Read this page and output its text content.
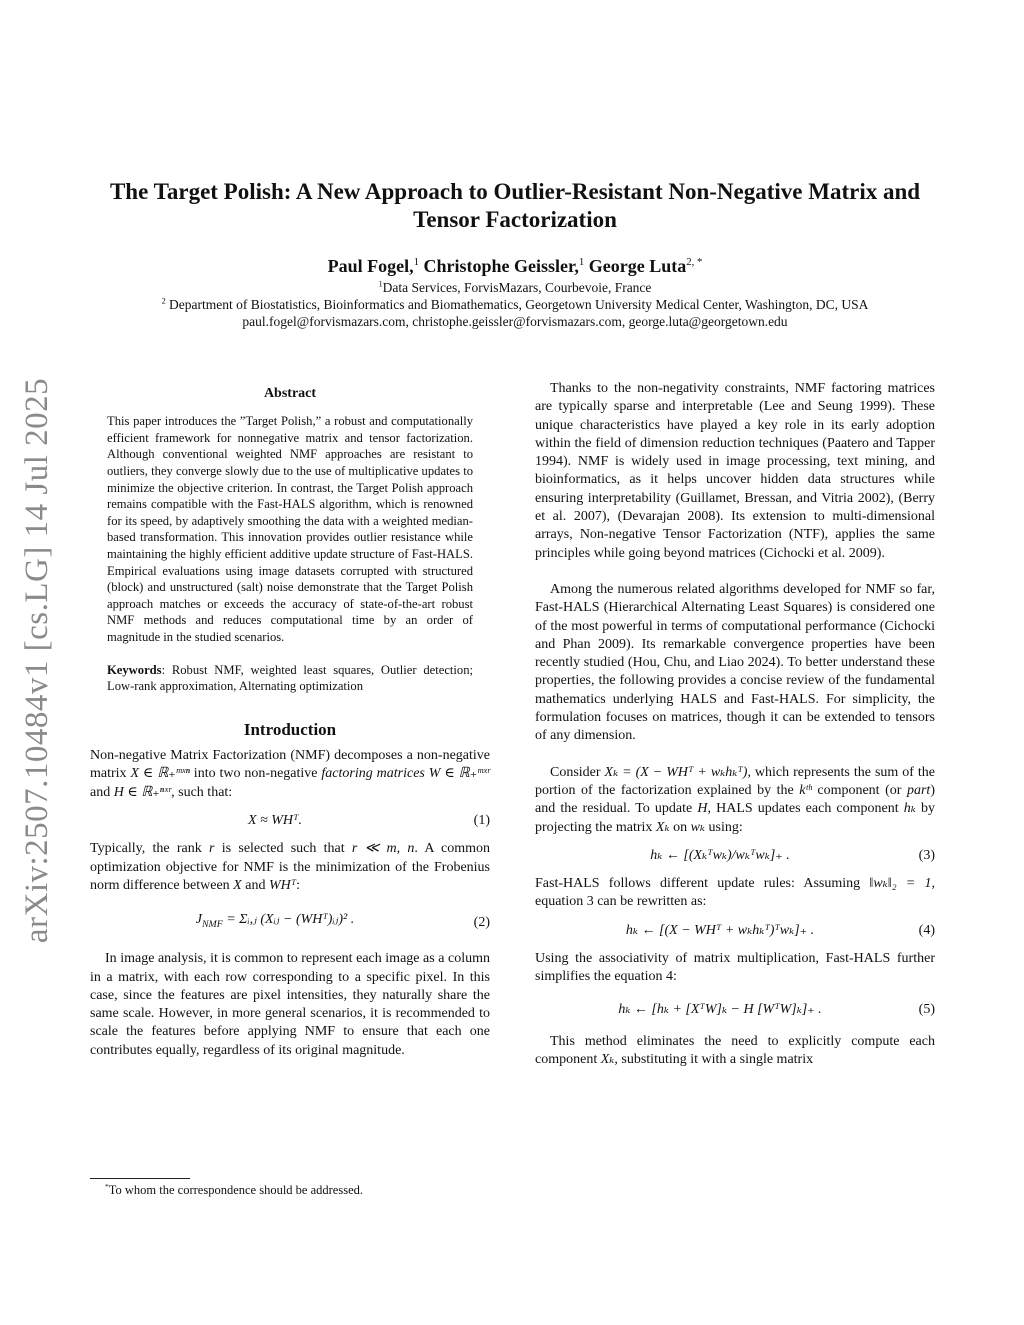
arXiv:2507.10484v1 [cs.LG] 14 Jul 2025
The Target Polish: A New Approach to Outlier-Resistant Non-Negative Matrix and
Tensor Factorization
Paul Fogel,$^1$ Christophe Geissler,$^1$ George Luta$^{2, *}$
$^1$Data Services, ForvisMazars, Courbevoie, France
$^2$ Department of Biostatistics, Bioinformatics and Biomathematics, Georgetown University Medical Center, Washington, DC, USA
paul.fogel@forvismazars.com, christophe.geissler@forvismazars.com, george.luta@georgetown.edu
Abstract

This paper introduces the ”Target Polish,” a robust and computationally efficient framework for nonnegative matrix and tensor factorization. Although conventional weighted NMF approaches are resistant to outliers, they converge slowly due to the use of multiplicative updates to minimize the objective criterion. In contrast, the Target Polish approach remains compatible with the Fast-HALS algorithm, which is renowned for its speed, by adaptively smoothing the data with a weighted median-based transformation. This innovation provides outlier resistance while maintaining the highly efficient additive update structure of Fast-HALS. Empirical evaluations using image datasets corrupted with structured (block) and unstructured (salt) noise demonstrate that the Target Polish approach matches or exceeds the accuracy of state-of-the-art robust NMF methods and reduces computational time by an order of magnitude in the studied scenarios.

Keywords: Robust NMF, weighted least squares, Outlier detection; Low-rank approximation, Alternating optimization

Introduction

Non-negative Matrix Factorization (NMF) decomposes a non-negative matrix X ∈ ℝ₊ᵐˣⁿ into two non-negative factoring matrices W ∈ ℝ₊ᵐˣʳ and H ∈ ℝ₊ⁿˣʳ, such that:

X ≈ WHᵀ.	(1)

Typically, the rank r is selected such that r ≪ m, n. A common optimization objective for NMF is the minimization of the Frobenius norm difference between X and WHᵀ:

$J_{NMF}$ = Σᵢ,ⱼ (Xᵢⱼ − (WHᵀ)ᵢⱼ)² .	(2)

In image analysis, it is common to represent each image as a column in a matrix, with each row corresponding to a specific pixel. In this case, since the features are pixel intensities, they naturally share the same scale. However, in more general scenarios, it is recommended to scale the features before applying NMF to ensure that each one contributes equally, regardless of its original magnitude.

Thanks to the non-negativity constraints, NMF factoring matrices are typically sparse and interpretable (Lee and Seung 1999). These unique characteristics have played a key role in its early adoption within the field of dimension reduction techniques (Paatero and Tapper 1994). NMF is widely used in image processing, text mining, and bioinformatics, as it helps uncover hidden data structures while ensuring interpretability (Guillamet, Bressan, and Vitria 2002), (Berry et al. 2007), (Devarajan 2008). Its extension to multi-dimensional arrays, Non-negative Tensor Factorization (NTF), applies the same principles while going beyond matrices (Cichocki et al. 2009).

Among the numerous related algorithms developed for NMF so far, Fast-HALS (Hierarchical Alternating Least Squares) is considered one of the most powerful in terms of computational performance (Cichocki and Phan 2009). Its remarkable convergence properties have been recently studied (Hou, Chu, and Liao 2024). To better understand these properties, the following provides a concise review of the fundamental mathematics underlying HALS and Fast-HALS. For simplicity, the formulation focuses on matrices, though it can be extended to tensors of any dimension.

Consider Xₖ = (X − WHᵀ + wₖhₖᵀ), which represents the sum of the portion of the factorization explained by the kᵗʰ component (or part) and the residual. To update H, HALS updates each component hₖ by projecting the matrix Xₖ on wₖ using:

hₖ ← [(Xₖᵀwₖ)/wₖᵀwₖ]₊ .	(3)

Fast-HALS follows different update rules: Assuming ‖wₖ‖₂ = 1, equation 3 can be rewritten as:

hₖ ← [(X − WHᵀ + wₖhₖᵀ)ᵀwₖ]₊ .	(4)

Using the associativity of matrix multiplication, Fast-HALS further simplifies the equation 4:

hₖ ← [hₖ + [XᵀW]ₖ − H [WᵀW]ₖ]₊ .	(5)

This method eliminates the need to explicitly compute each component Xₖ, substituting it with a single matrix

*To whom the correspondence should be addressed.
